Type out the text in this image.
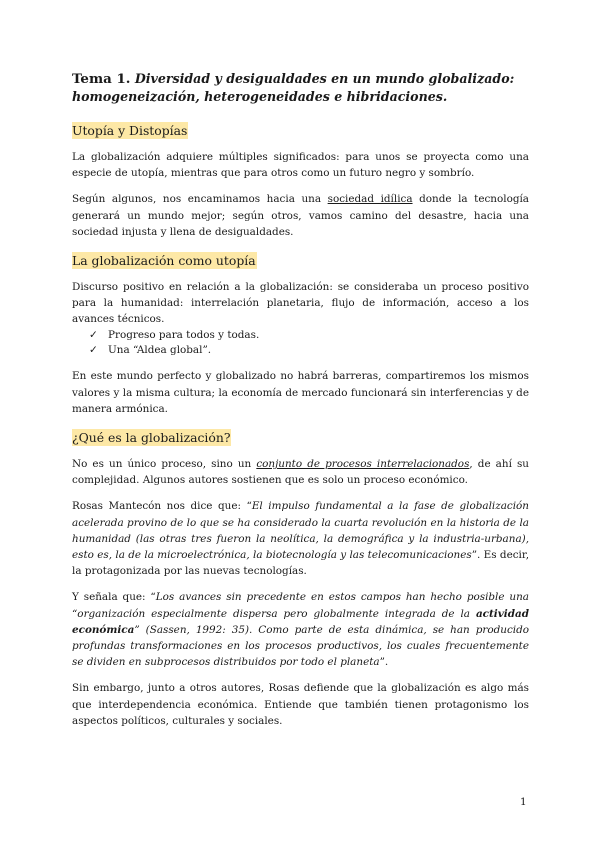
Tema 1. Diversidad y desigualdades en un mundo globalizado: homogeneización, heterogeneidades e hibridaciones.
Utopía y Distopías

La globalización adquiere múltiples significados: para unos se proyecta como una especie de utopía, mientras que para otros como un futuro negro y sombrío.

Según algunos, nos encaminamos hacia una sociedad idílica donde la tecnología generará un mundo mejor; según otros, vamos camino del desastre, hacia una sociedad injusta y llena de desigualdades.

La globalización como utopía

Discurso positivo en relación a la globalización: se consideraba un proceso positivo para la humanidad: interrelación planetaria, flujo de información, acceso a los avances técnicos.

✓ Progreso para todos y todas.
✓ Una “Aldea global”.

En este mundo perfecto y globalizado no habrá barreras, compartiremos los mismos valores y la misma cultura; la economía de mercado funcionará sin interferencias y de manera armónica.

¿Qué es la globalización?

No es un único proceso, sino un conjunto de procesos interrelacionados, de ahí su complejidad. Algunos autores sostienen que es solo un proceso económico.

Rosas Mantecón nos dice que: “El impulso fundamental a la fase de globalización acelerada provino de lo que se ha considerado la cuarta revolución en la historia de la humanidad (las otras tres fueron la neolítica, la demográfica y la industria-urbana), esto es, la de la microelectrónica, la biotecnología y las telecomunicaciones”. Es decir, la protagonizada por las nuevas tecnologías.

Y señala que: “Los avances sin precedente en estos campos han hecho posible una “organización especialmente dispersa pero globalmente integrada de la actividad económica” (Sassen, 1992: 35). Como parte de esta dinámica, se han producido profundas transformaciones en los procesos productivos, los cuales frecuentemente se dividen en subprocesos distribuidos por todo el planeta”.

Sin embargo, junto a otros autores, Rosas defiende que la globalización es algo más que interdependencia económica. Entiende que también tienen protagonismo los aspectos políticos, culturales y sociales.

1
